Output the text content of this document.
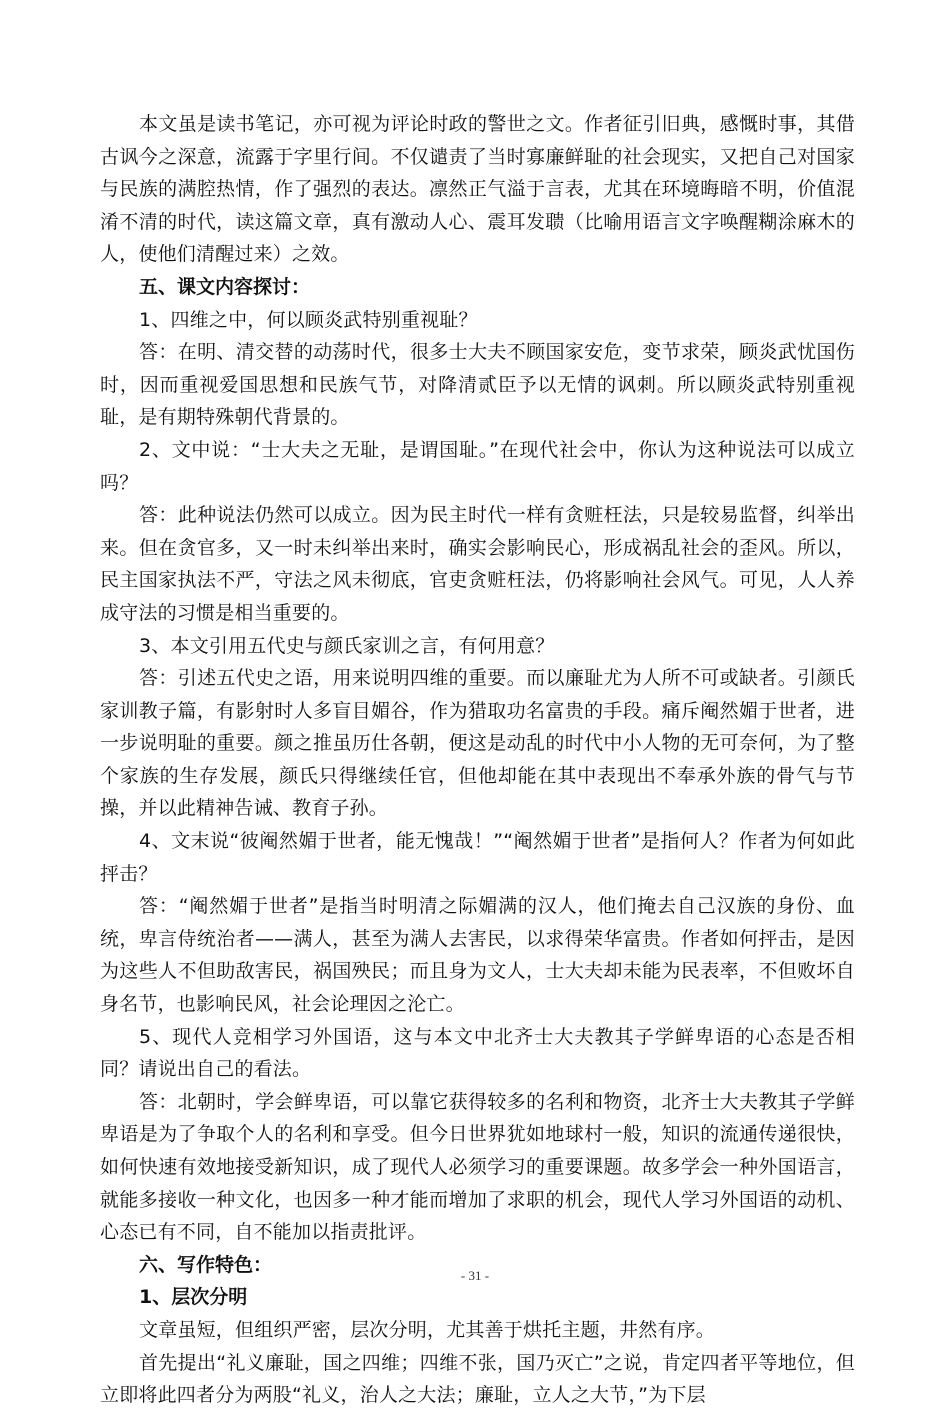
本文虽是读书笔记，亦可视为评论时政的警世之文。作者征引旧典，感慨时事，其借古讽今之深意，流露于字里行间。不仅谴责了当时寡廉鲜耻的社会现实，又把自己对国家与民族的满腔热情，作了强烈的表达。凛然正气溢于言表，尤其在环境晦暗不明，价值混淆不清的时代，读这篇文章，真有激动人心、震耳发聩（比喻用语言文字唤醒糊涂麻木的人，使他们清醒过来）之效。

五、课文内容探讨：

1、四维之中，何以顾炎武特别重视耻？

答：在明、清交替的动荡时代，很多士大夫不顾国家安危，变节求荣，顾炎武忧国伤时，因而重视爱国思想和民族气节，对降清贰臣予以无情的讽刺。所以顾炎武特别重视耻，是有期特殊朝代背景的。

2、文中说：“士大夫之无耻，是谓国耻。”在现代社会中，你认为这种说法可以成立吗？

答：此种说法仍然可以成立。因为民主时代一样有贪赃枉法，只是较易监督，纠举出来。但在贪官多，又一时未纠举出来时，确实会影响民心，形成祸乱社会的歪风。所以，民主国家执法不严，守法之风未彻底，官吏贪赃枉法，仍将影响社会风气。可见，人人养成守法的习惯是相当重要的。

3、本文引用五代史与颜氏家训之言，有何用意？

答：引述五代史之语，用来说明四维的重要。而以廉耻尤为人所不可或缺者。引颜氏家训教子篇，有影射时人多盲目媚谷，作为猎取功名富贵的手段。痛斥阉然媚于世者，进一步说明耻的重要。颜之推虽历仕各朝，便这是动乱的时代中小人物的无可奈何，为了整个家族的生存发展，颜氏只得继续任官，但他却能在其中表现出不奉承外族的骨气与节操，并以此精神告诫、教育子孙。

4、文末说“彼阉然媚于世者，能无愧哉！”“阉然媚于世者”是指何人？作者为何如此抨击？

答：“阉然媚于世者”是指当时明清之际媚满的汉人，他们掩去自己汉族的身份、血统，卑言侍统治者——满人，甚至为满人去害民，以求得荣华富贵。作者如何抨击，是因为这些人不但助敌害民，祸国殃民；而且身为文人，士大夫却未能为民表率，不但败坏自身名节，也影响民风，社会论理因之沦亡。

5、现代人竞相学习外国语，这与本文中北齐士大夫教其子学鲜卑语的心态是否相同？请说出自己的看法。

答：北朝时，学会鲜卑语，可以靠它获得较多的名利和物资，北齐士大夫教其子学鲜卑语是为了争取个人的名利和享受。但今日世界犹如地球村一般，知识的流通传递很快，如何快速有效地接受新知识，成了现代人必须学习的重要课题。故多学会一种外国语言，就能多接收一种文化，也因多一种才能而增加了求职的机会，现代人学习外国语的动机、心态已有不同，自不能加以指责批评。

六、写作特色：

1、层次分明

文章虽短，但组织严密，层次分明，尤其善于烘托主题，井然有序。

首先提出“礼义廉耻，国之四维；四维不张，国乃灭亡”之说，肯定四者平等地位，但立即将此四者分为两股“礼义，治人之大法；廉耻，立人之大节，”为下层

- 31 -
